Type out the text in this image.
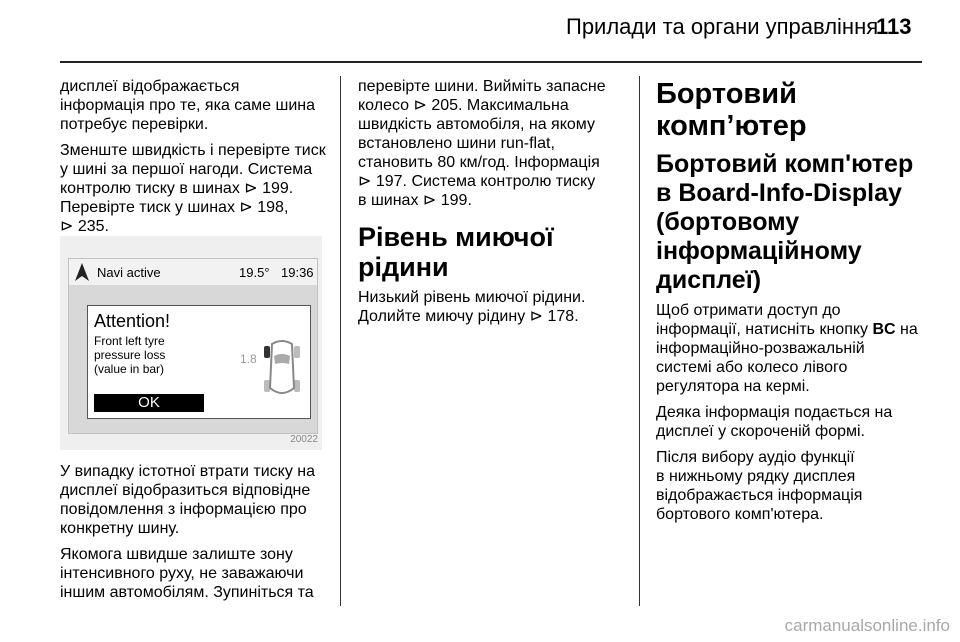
Прилади та органи управління
113

дисплеї відображається
інформація про те, яка саме шина
потребує перевірки.

Зменште швидкість і перевірте тиск
у шині за першої нагоди. Система
контролю тиску в шинах ⊳ 199.
Перевірте тиск у шинах ⊳ 198,
⊳ 235.

Navi active	19.5° 19:36
Attention!
Front left tyre
pressure loss
(value in bar)
1.8
OK
20022

У випадку істотної втрати тиску на
дисплеї відобразиться відповідне
повідомлення з інформацією про
конкретну шину.

Якомога швидше залиште зону
інтенсивного руху, не заважаючи
іншим автомобілям. Зупиніться та

перевірте шини. Вийміть запасне
колесо ⊳ 205. Максимальна
швидкість автомобіля, на якому
встановлено шини run-flat,
становить 80 км/год. Інформація
⊳ 197. Система контролю тиску
в шинах ⊳ 199.

Рівень миючої рідини

Низький рівень миючої рідини.
Долийте миючу рідину ⊳ 178.

Бортовий комп’ютер
Бортовий комп'ютер
в Board-Info-Display
(бортовому
інформаційному дисплеї)

Щоб отримати доступ до
інформації, натисніть кнопку BC на
інформаційно-розважальній
системі або колесо лівого
регулятора на кермі.

Деяка інформація подається на
дисплеї у скороченій формі.

Після вибору аудіо функції
в нижньому рядку дисплея
відображається інформація
бортового комп'ютера.

carmanualsonline.info
